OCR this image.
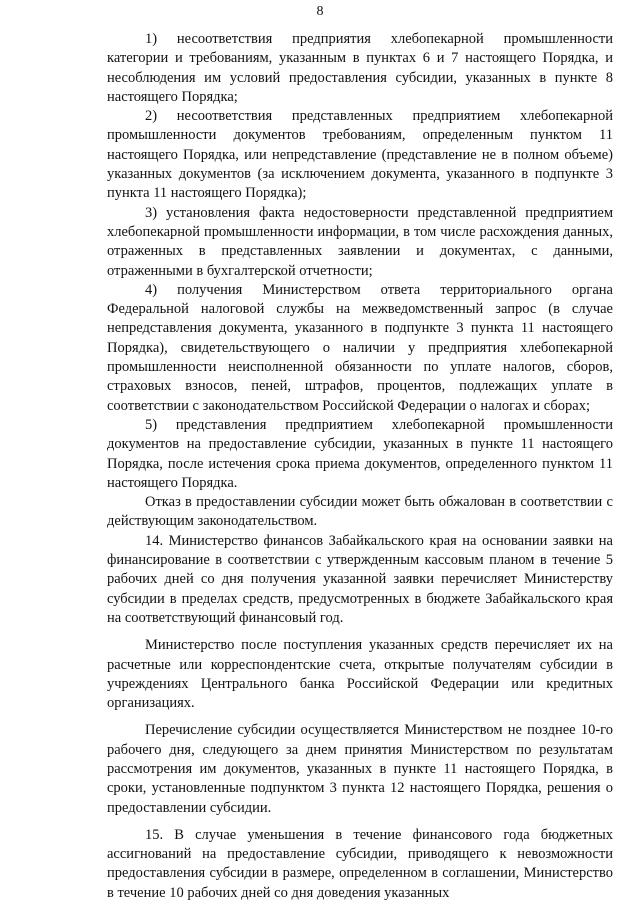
8

1) несоответствия предприятия хлебопекарной промышленности категории и требованиям, указанным в пунктах 6 и 7 настоящего Порядка, и несоблюдения им условий предоставления субсидии, указанных в пункте 8 настоящего Порядка;

2) несоответствия представленных предприятием хлебопекарной промышленности документов требованиям, определенным пунктом 11 настоящего Порядка, или непредставление (представление не в полном объеме) указанных документов (за исключением документа, указанного в подпункте 3 пункта 11 настоящего Порядка);

3) установления факта недостоверности представленной предприятием хлебопекарной промышленности информации, в том числе расхождения данных, отраженных в представленных заявлении и документах, с данными, отраженными в бухгалтерской отчетности;

4) получения Министерством ответа территориального органа Федеральной налоговой службы на межведомственный запрос (в случае непредставления документа, указанного в подпункте 3 пункта 11 настоящего Порядка), свидетельствующего о наличии у предприятия хлебопекарной промышленности неисполненной обязанности по уплате налогов, сборов, страховых взносов, пеней, штрафов, процентов, подлежащих уплате в соответствии с законодательством Российской Федерации о налогах и сборах;

5) представления предприятием хлебопекарной промышленности документов на предоставление субсидии, указанных в пункте 11 настоящего Порядка, после истечения срока приема документов, определенного пунктом 11 настоящего Порядка.

Отказ в предоставлении субсидии может быть обжалован в соответствии с действующим законодательством.

14. Министерство финансов Забайкальского края на основании заявки на финансирование в соответствии с утвержденным кассовым планом в течение 5 рабочих дней со дня получения указанной заявки перечисляет Министерству субсидии в пределах средств, предусмотренных в бюджете Забайкальского края на соответствующий финансовый год.

Министерство после поступления указанных средств перечисляет их на расчетные или корреспондентские счета, открытые получателям субсидии в учреждениях Центрального банка Российской Федерации или кредитных организациях.

Перечисление субсидии осуществляется Министерством не позднее 10-го рабочего дня, следующего за днем принятия Министерством по результатам рассмотрения им документов, указанных в пункте 11 настоящего Порядка, в сроки, установленные подпунктом 3 пункта 12 настоящего Порядка, решения о предоставлении субсидии.

15. В случае уменьшения в течение финансового года бюджетных ассигнований на предоставление субсидии, приводящего к невозможности предоставления субсидии в размере, определенном в соглашении, Министерство в течение 10 рабочих дней со дня доведения указанных
